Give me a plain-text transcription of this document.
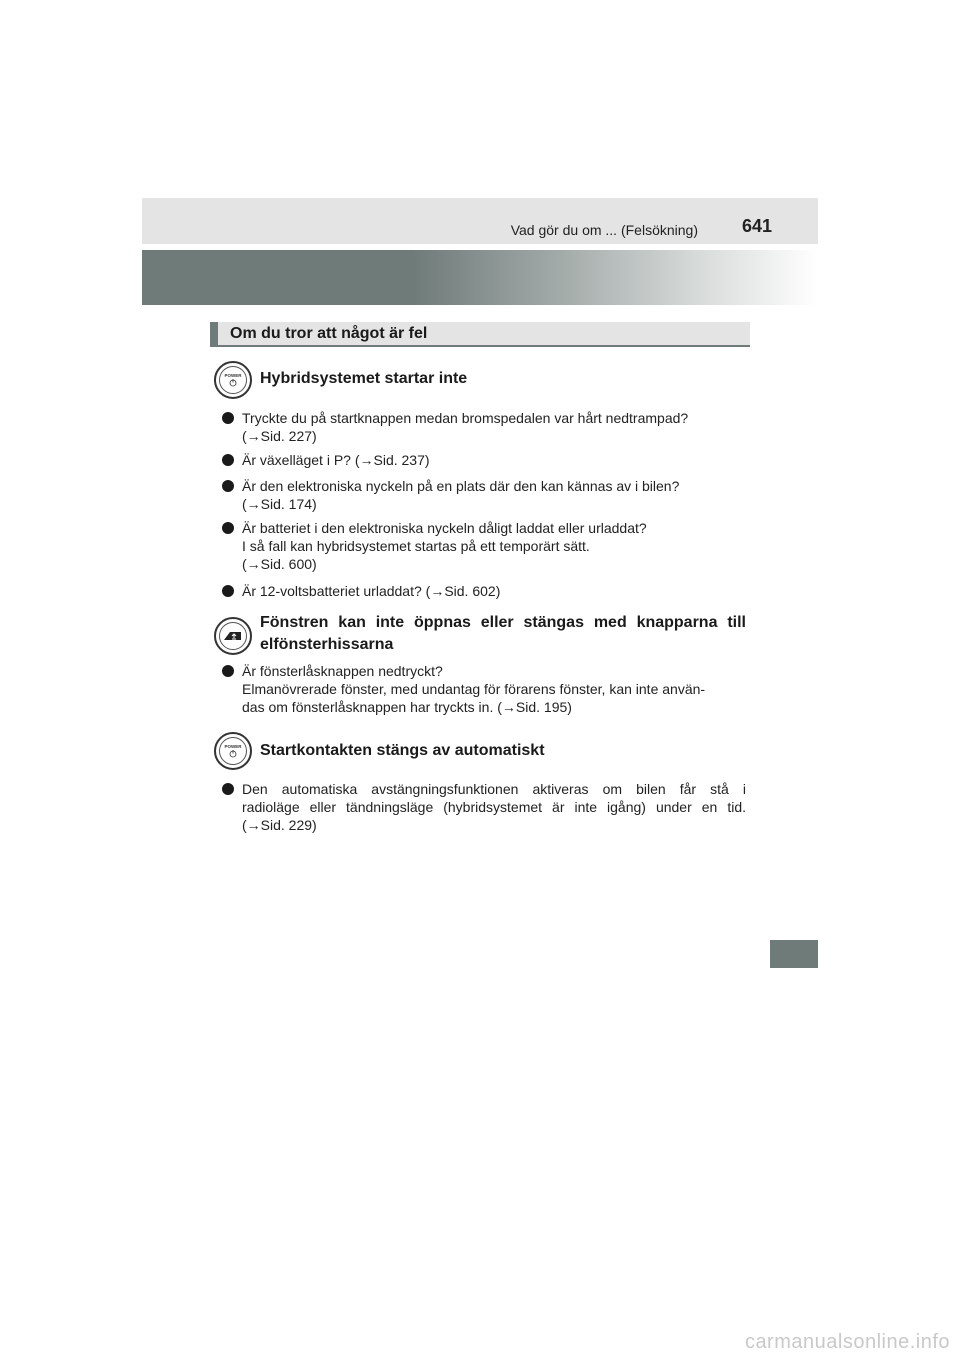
Vad gör du om ... (Felsökning) 641
Om du tror att något är fel
POWER Hybridsystemet startar inte
Tryckte du på startknappen medan bromspedalen var hårt nedtrampad?
(→Sid. 227)
Är växelläget i P? (→Sid. 237)
Är den elektroniska nyckeln på en plats där den kan kännas av i bilen?
(→Sid. 174)
Är batteriet i den elektroniska nyckeln dåligt laddat eller urladdat?
I så fall kan hybridsystemet startas på ett temporärt sätt.
(→Sid. 600)
Är 12-voltsbatteriet urladdat? (→Sid. 602)
Fönstren kan inte öppnas eller stängas med knapparna till
elfönsterhissarna
Är fönsterlåsknappen nedtryckt?
Elmanövrerade fönster, med undantag för förarens fönster, kan inte använ-
das om fönsterlåsknappen har tryckts in. (→Sid. 195)
POWER Startkontakten stängs av automatiskt
Den automatiska avstängningsfunktionen aktiveras om bilen får stå i
radioläge eller tändningsläge (hybridsystemet är inte igång) under en tid.
(→Sid. 229)
carmanualsonline.info
